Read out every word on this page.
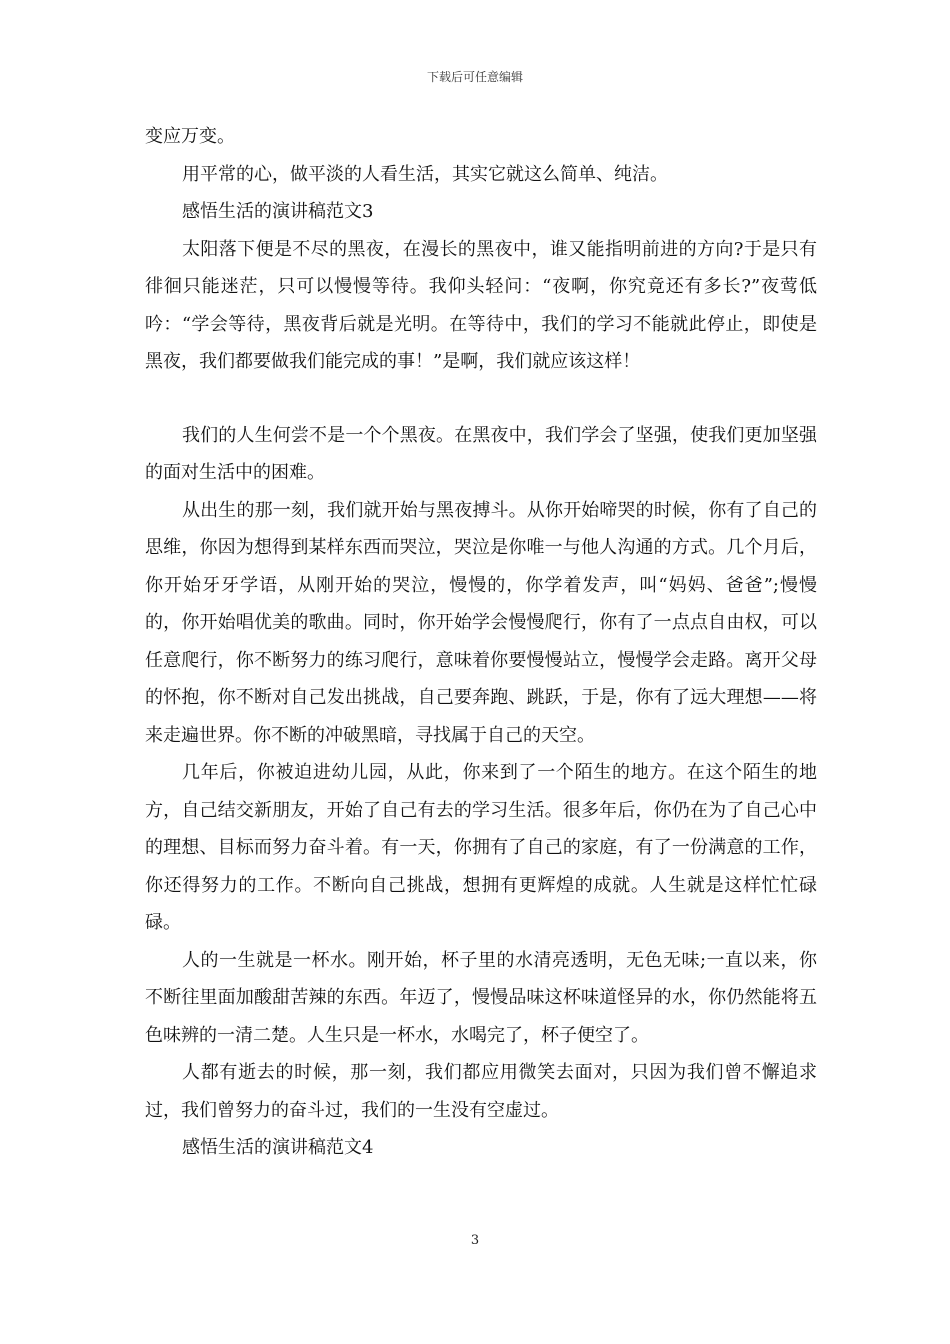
下载后可任意编辑

变应万变。

用平常的心，做平淡的人看生活，其实它就这么简单、纯洁。

感悟生活的演讲稿范文3

太阳落下便是不尽的黑夜，在漫长的黑夜中，谁又能指明前进的方向?于是只有徘徊只能迷茫，只可以慢慢等待。我仰头轻问：“夜啊，你究竟还有多长?”夜莺低吟：“学会等待，黑夜背后就是光明。在等待中，我们的学习不能就此停止，即使是黑夜，我们都要做我们能完成的事！”是啊，我们就应该这样！

我们的人生何尝不是一个个黑夜。在黑夜中，我们学会了坚强，使我们更加坚强的面对生活中的困难。

从出生的那一刻，我们就开始与黑夜搏斗。从你开始啼哭的时候，你有了自己的思维，你因为想得到某样东西而哭泣，哭泣是你唯一与他人沟通的方式。几个月后，你开始牙牙学语，从刚开始的哭泣，慢慢的，你学着发声，叫“妈妈、爸爸”;慢慢的，你开始唱优美的歌曲。同时，你开始学会慢慢爬行，你有了一点点自由权，可以任意爬行，你不断努力的练习爬行，意味着你要慢慢站立，慢慢学会走路。离开父母的怀抱，你不断对自己发出挑战，自己要奔跑、跳跃，于是，你有了远大理想——将来走遍世界。你不断的冲破黑暗，寻找属于自己的天空。

几年后，你被迫进幼儿园，从此，你来到了一个陌生的地方。在这个陌生的地方，自己结交新朋友，开始了自己有去的学习生活。很多年后，你仍在为了自己心中的理想、目标而努力奋斗着。有一天，你拥有了自己的家庭，有了一份满意的工作，你还得努力的工作。不断向自己挑战，想拥有更辉煌的成就。人生就是这样忙忙碌碌。

人的一生就是一杯水。刚开始，杯子里的水清亮透明，无色无味;一直以来，你不断往里面加酸甜苦辣的东西。年迈了，慢慢品味这杯味道怪异的水，你仍然能将五色味辨的一清二楚。人生只是一杯水，水喝完了，杯子便空了。

人都有逝去的时候，那一刻，我们都应用微笑去面对，只因为我们曾不懈追求过，我们曾努力的奋斗过，我们的一生没有空虚过。

感悟生活的演讲稿范文4

3
